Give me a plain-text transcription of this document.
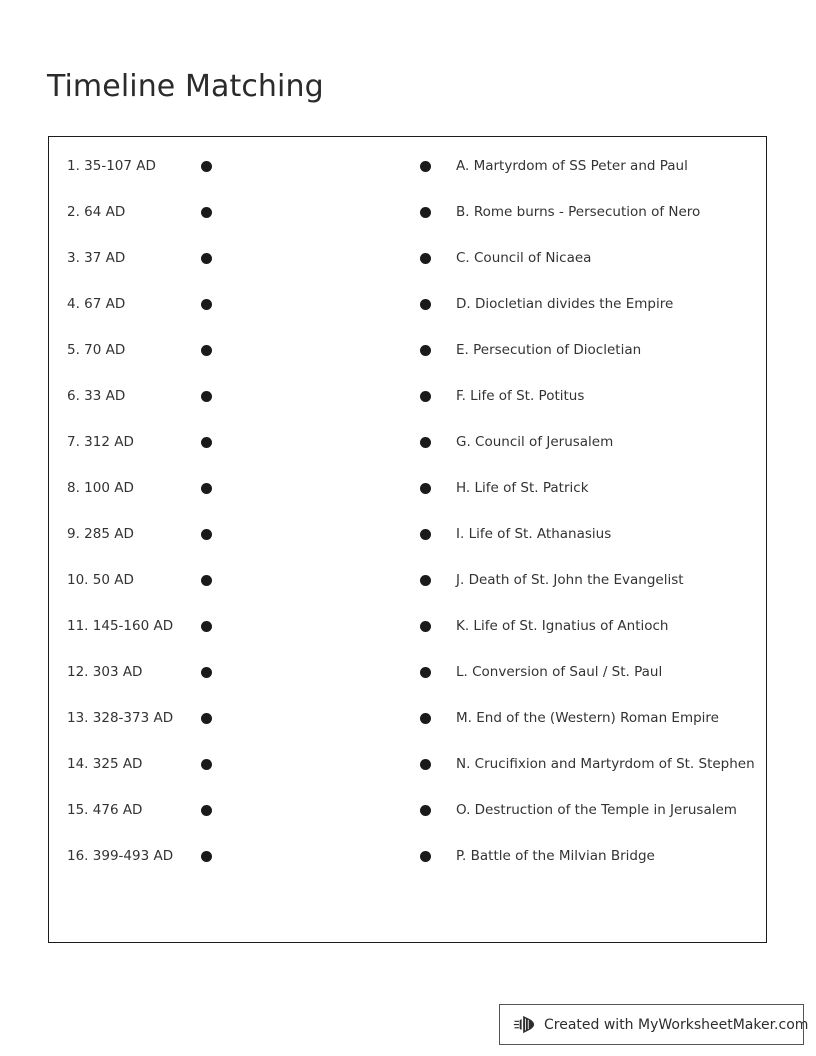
Timeline Matching
1. 35-107 AD
2. 64 AD
3. 37 AD
4. 67 AD
5. 70 AD
6. 33 AD
7. 312 AD
8. 100 AD
9. 285 AD
10. 50 AD
11. 145-160 AD
12. 303 AD
13. 328-373 AD
14. 325 AD
15. 476 AD
16. 399-493 AD
A. Martyrdom of SS Peter and Paul
B. Rome burns - Persecution of Nero
C. Council of Nicaea
D. Diocletian divides the Empire
E. Persecution of Diocletian
F. Life of St. Potitus
G. Council of Jerusalem
H. Life of St. Patrick
I. Life of St. Athanasius
J. Death of St. John the Evangelist
K. Life of St. Ignatius of Antioch
L. Conversion of Saul / St. Paul
M. End of the (Western) Roman Empire
N. Crucifixion and Martyrdom of St. Stephen
O. Destruction of the Temple in Jerusalem
P. Battle of the Milvian Bridge
Created with MyWorksheetMaker.com
